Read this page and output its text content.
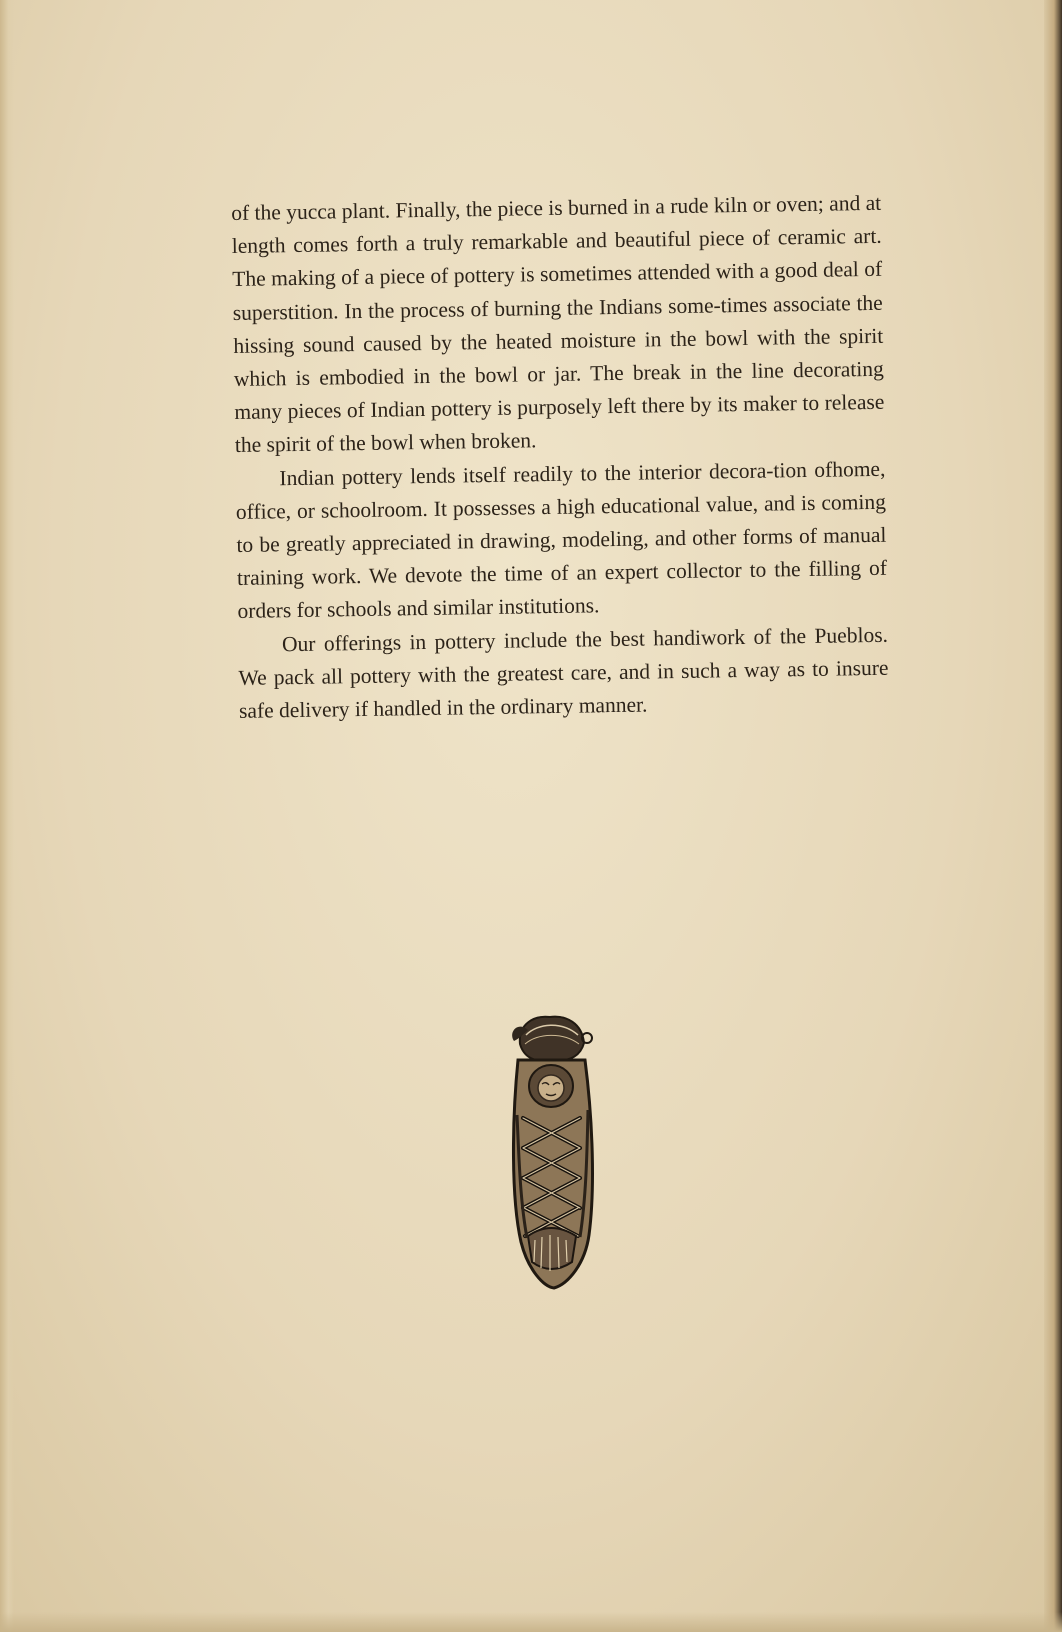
of the yucca plant. Finally, the piece is burned in a rude kiln or oven; and at length comes forth a truly remarkable and beautiful piece of ceramic art. The making of a piece of pottery is sometimes attended with a good deal of superstition. In the process of burning the Indians some-times associate the hissing sound caused by the heated moisture in the bowl with the spirit which is embodied in the bowl or jar. The break in the line decorating many pieces of Indian pottery is purposely left there by its maker to release the spirit of the bowl when broken.

Indian pottery lends itself readily to the interior decora-tion ofhome, office, or schoolroom. It possesses a high educational value, and is coming to be greatly appreciated in drawing, modeling, and other forms of manual training work. We devote the time of an expert collector to the filling of orders for schools and similar institutions.

Our offerings in pottery include the best handiwork of the Pueblos. We pack all pottery with the greatest care, and in such a way as to insure safe delivery if handled in the ordinary manner.
